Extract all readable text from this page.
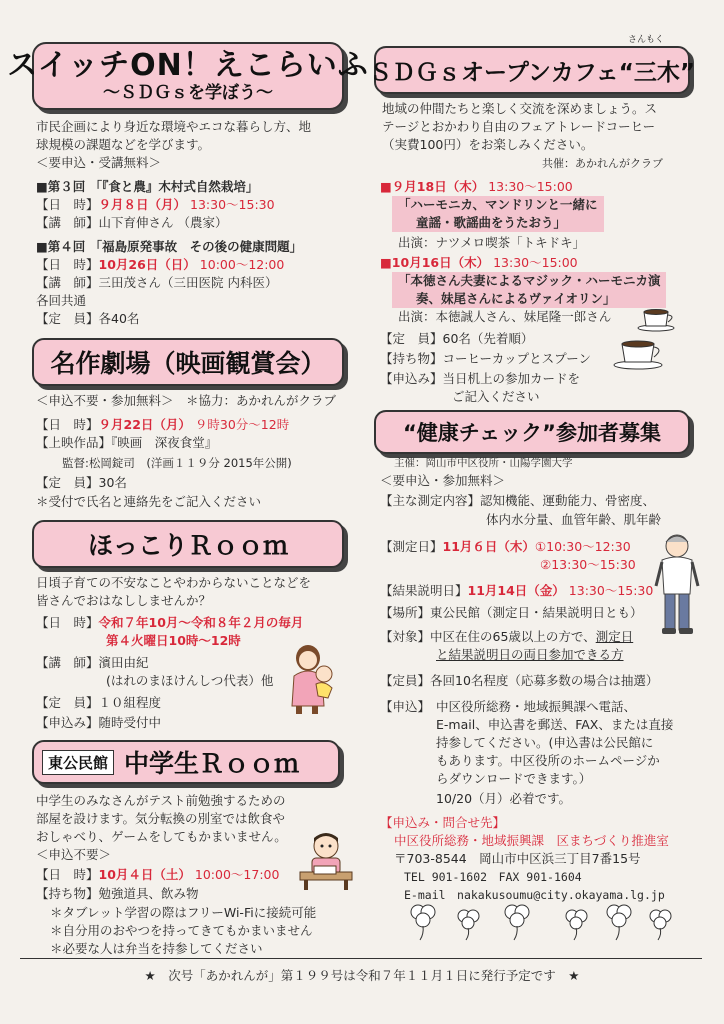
スイッチON！えこらいふ
～ＳＤＧｓを学ぼう～
市民企画により身近な環境やエコな暮らし方、地
球規模の課題などを学びます。
＜要申込・受講無料＞
■第３回 「『食と農』木村式自然栽培」
【日　時】９月８日（月） 13:30～15:30
【講　師】山下育伸さん （農家）
■第４回 「福島原発事故　その後の健康問題」
【日　時】10月26日（日） 10:00～12:00
【講　師】三田茂さん（三田医院 内科医）
各回共通
【定　員】各40名
名作劇場（映画観賞会）
＜申込不要・参加無料＞　 ＊協力：あかれんがクラブ
【日　時】９月22日（月） ９時30分～12時
【上映作品】『映画　深夜食堂』
監督:松岡錠司　(洋画１１９分 2015年公開)
【定　員】30名
＊受付で氏名と連絡先をご記入ください
ほっこりＲｏｏｍ
日頃子育ての不安なことやわからないことなどを
皆さんでおはなししませんか？
【日　時】令和７年10月～令和８年２月の毎月
第４火曜日10時～12時
【講　師】濱田由紀
(はれのまほけんしつ代表）他
【定　員】１０組程度
【申込み】随時受付中
東公民館 中学生Ｒｏｏｍ
中学生のみなさんがテスト前勉強するための
部屋を設けます。気分転換の別室では飲食や
おしゃべり、ゲームをしてもかまいません。
＜申込不要＞
【日　時】10月４日（土） 10:00～17:00
【持ち物】勉強道具、飲み物
＊タブレット学習の際はフリーWi-Fiに接続可能
＊自分用のおやつを持ってきてもかまいません
＊必要な人は弁当を持参してください
さんもく
ＳＤＧｓオープンカフェ “三木”
地域の仲間たちと楽しく交流を深めましょう。ス
テージとおかわり自由のフェアトレードコーヒー
（実費100円）をお楽しみください。
共催：あかれんがクラブ
■９月18日（木） 13:30～15:00
「ハーモニカ、マンドリンと一緒に
童謡・歌謡曲をうたおう」
出演：ナツメロ喫茶「トキドキ」
■10月16日（木） 13:30～15:00
「本徳さん夫妻によるマジック・ハーモニカ演
奏、妹尾さんによるヴァイオリン」
出演：本徳誠人さん、妹尾隆一郎さん
【定　員】60名（先着順）
【持ち物】コーヒーカップとスプーン
【申込み】当日机上の参加カードを
ご記入ください
“健康チェック”参加者募集
主催：岡山市中区役所・山陽学園大学
＜要申込・参加無料＞
【主な測定内容】認知機能、運動能力、骨密度、
体内水分量、血管年齢、肌年齢
【測定日】11月６日（木）①10:30～12:30
②13:30～15:30
【結果説明日】11月14日（金） 13:30～15:30
【場所】東公民館（測定日・結果説明日とも）
【対象】中区在住の65歳以上の方で、測定日
と結果説明日の両日参加できる方
【定員】各回10名程度（応募多数の場合は抽選）
【申込】 中区役所総務・地域振興課へ電話、
E-mail、申込書を郵送、FAX、または直接
持参してください。(申込書は公民館に
もあります。中区役所のホームページか
らダウンロードできます。）
10/20（月）必着です。
【申込み・問合せ先】
中区役所総務・地域振興課　区まちづくり推進室
〒703-8544　岡山市中区浜三丁目7番15号
TEL 901-1602　FAX 901-1604
E-mail　nakakusoumu@city.okayama.lg.jp
★　次号「あかれんが」第１９９号は令和７年１１月１日に発行予定です　★
